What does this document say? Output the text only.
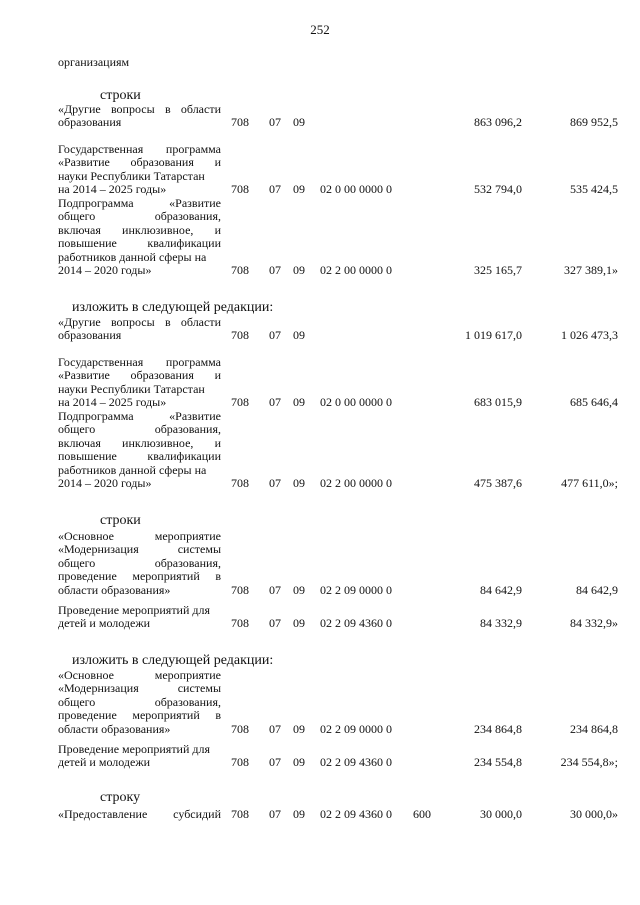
252
организациям
строки
«Другие вопросы в области
образования	708 07 09	863 096,2	869 952,5
Государственная программа
«Развитие образования и
науки Республики Татарстан
на 2014 – 2025 годы»	708 07 09 02 0 00 0000 0	532 794,0	535 424,5
Подпрограмма «Развитие
общего образования,
включая инклюзивное, и
повышение квалификации
работников данной сферы на
2014 – 2020 годы»	708 07 09 02 2 00 0000 0	325 165,7	327 389,1»
изложить в следующей редакции:
«Другие вопросы в области
образования	708 07 09	1 019 617,0	1 026 473,3
Государственная программа
«Развитие образования и
науки Республики Татарстан
на 2014 – 2025 годы»	708 07 09 02 0 00 0000 0	683 015,9	685 646,4
Подпрограмма «Развитие
общего образования,
включая инклюзивное, и
повышение квалификации
работников данной сферы на
2014 – 2020 годы»	708 07 09 02 2 00 0000 0	475 387,6	477 611,0»;
строки
«Основное мероприятие
«Модернизация системы
общего образования,
проведение мероприятий в
области образования»	708 07 09 02 2 09 0000 0	84 642,9	84 642,9
Проведение мероприятий для
детей и молодежи	708 07 09 02 2 09 4360 0	84 332,9	84 332,9»
изложить в следующей редакции:
«Основное мероприятие
«Модернизация системы
общего образования,
проведение мероприятий в
области образования»	708 07 09 02 2 09 0000 0	234 864,8	234 864,8
Проведение мероприятий для
детей и молодежи	708 07 09 02 2 09 4360 0	234 554,8	234 554,8»;
строку
«Предоставление субсидий 708 07 09 02 2 09 4360 0 600	30 000,0	30 000,0»
